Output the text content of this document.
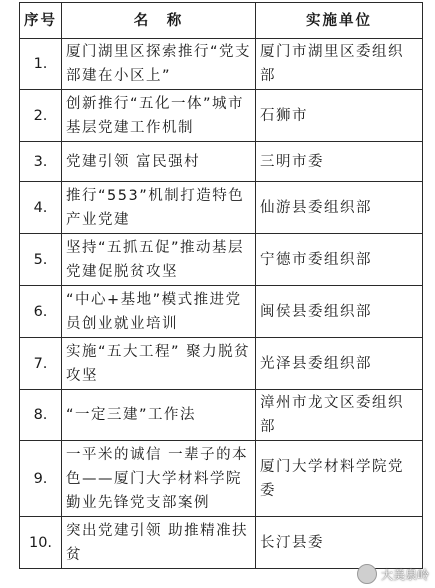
序号	名　称	实施单位
1.	厦门湖里区探索推行“党支部建在小区上”	厦门市湖里区委组织部
2.	创新推行“五化一体”城市基层党建工作机制	石狮市
3.	党建引领 富民强村	三明市委
4.	推行“553”机制打造特色产业党建	仙游县委组织部
5.	坚持“五抓五促”推动基层党建促脱贫攻坚	宁德市委组织部
6.	“中心+基地”模式推进党员创业就业培训	闽侯县委组织部
7.	实施“五大工程” 聚力脱贫攻坚	光泽县委组织部
8.	“一定三建”工作法	漳州市龙文区委组织部
9.	一平米的诚信 一辈子的本色——厦门大学材料学院勤业先锋党支部案例	厦门大学材料学院党委
10.	突出党建引领 助推精准扶贫	长汀县委
大美泉岭
